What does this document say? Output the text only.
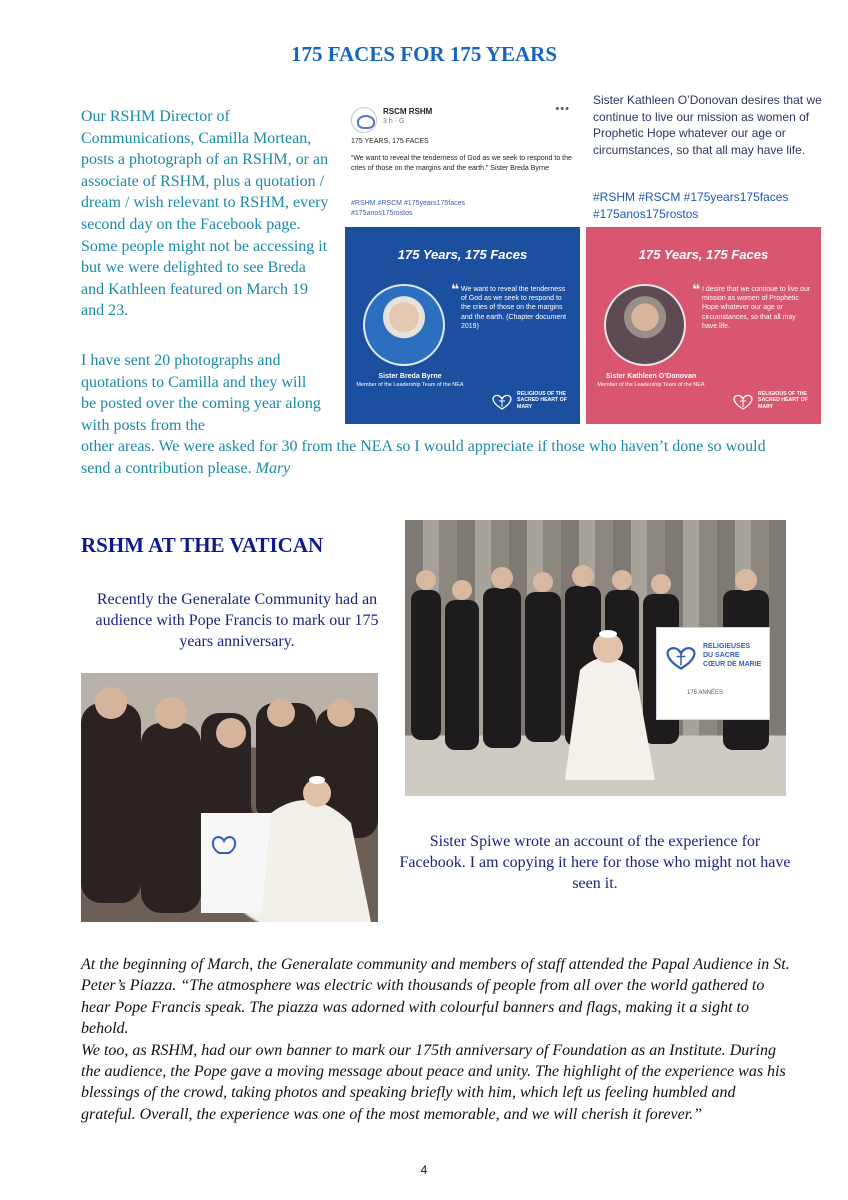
175 FACES FOR 175 YEARS

Our RSHM Director of Communications, Camilla Mortean, posts a photograph of an RSHM, or an associate of RSHM, plus a quotation / dream / wish relevant to RSHM, every second day on the Facebook page. Some people might not be accessing it but we were delighted to see Breda and Kathleen featured on March 19 and 23.

I have sent 20 photographs and quotations to Camilla and they will be posted over the coming year along with posts from the

other areas. We were asked for 30 from the NEA so I would appreciate if those who haven’t done so would send a contribution please. Mary

RSCM RSHM
3 h · G
•••
175 YEARS, 175 FACES
“We want to reveal the tenderness of God as we seek to respond to the cries of those on the margins and the earth.” Sister Breda Byrne
#RSHM #RSCM #175years175faces
#175anos175rostos

Sister Kathleen O’Donovan desires that we continue to live our mission as women of Prophetic Hope whatever our age or circumstances, so that all may have life.

#RSHM #RSCM #175years175faces
#175anos175rostos
175 Years, 175 Faces
❝ We want to reveal the tenderness of God as we seek to respond to the cries of those on the margins and the earth. (Chapter document 2019)
Sister Breda Byrne
Member of the Leadership Team of the NEA
RELIGIOUS OF THE SACRED HEART OF MARY
175 Years, 175 Faces
❝ I desire that we continue to live our mission as women of Prophetic Hope whatever our age or circumstances, so that all may have life.
Sister Kathleen O’Donovan
Member of the Leadership Team of the NEA
RELIGIOUS OF THE SACRED HEART OF MARY
RSHM AT THE VATICAN

Recently the Generalate Community had an audience with Pope Francis to mark our 175 years anniversary.	RELIGIEUSES
DU SACRE
CŒUR DE MARIE
175 ANNÉES

Sister Spiwe wrote an account of the experience for Facebook. I am copying it here for those who might not have seen it.

At the beginning of March, the Generalate community and members of staff attended the Papal Audience in St. Peter’s Piazza. “The atmosphere was electric with thousands of people from all over the world gathered to hear Pope Francis speak. The piazza was adorned with colourful banners and flags, making it a sight to behold.

We too, as RSHM, had our own banner to mark our 175th anniversary of Foundation as an Institute. During the audience, the Pope gave a moving message about peace and unity. The highlight of the experience was his blessings of the crowd, taking photos and speaking briefly with him, which left us feeling humbled and grateful. Overall, the experience was one of the most memorable, and we will cherish it forever.”

4
